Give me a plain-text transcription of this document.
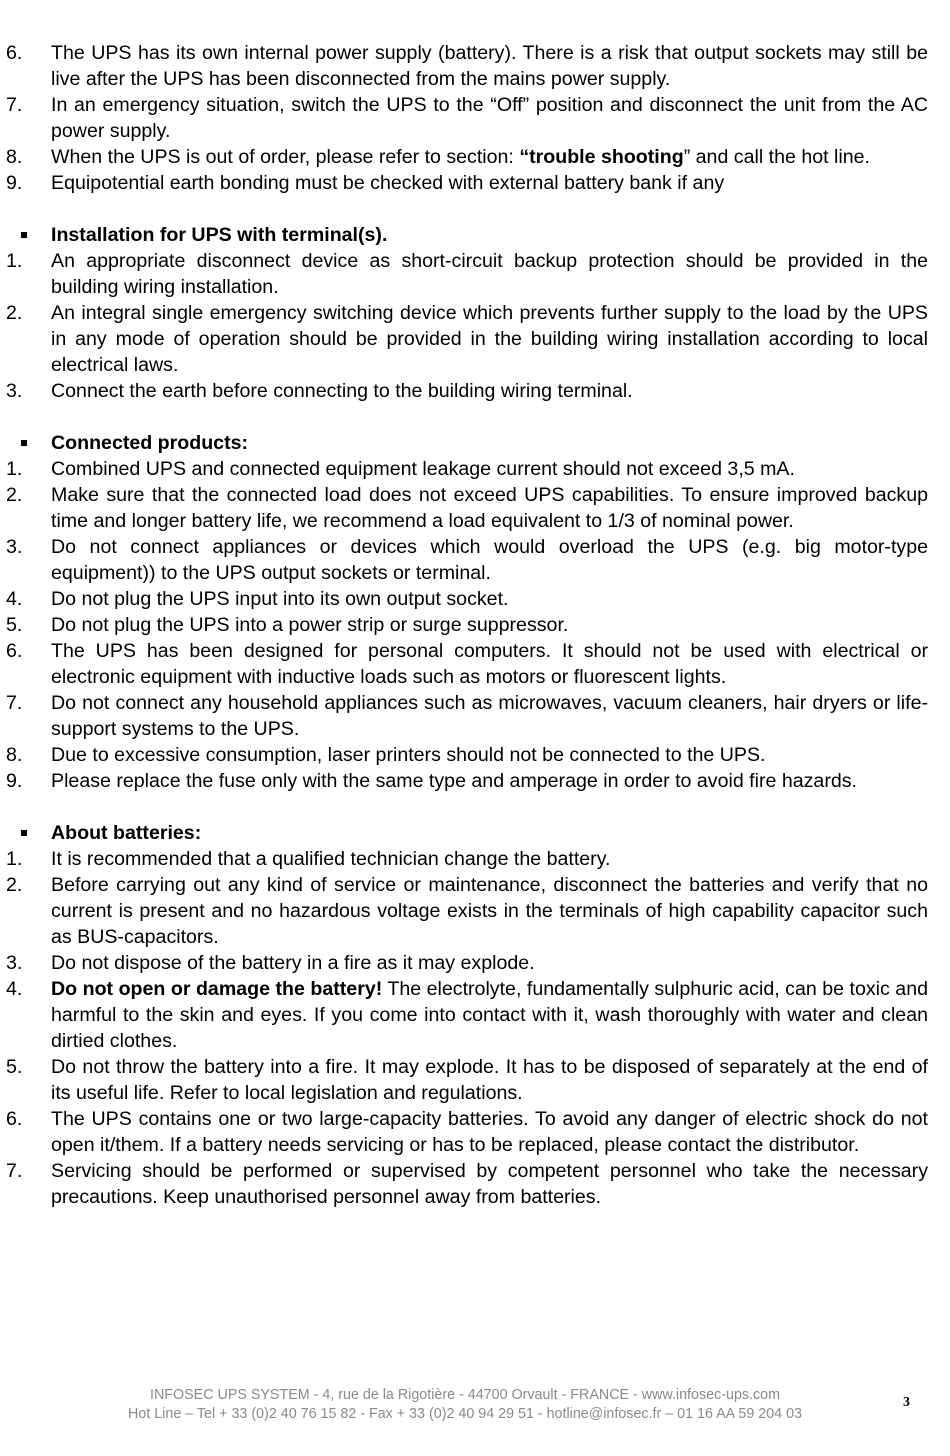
6. The UPS has its own internal power supply (battery). There is a risk that output sockets may still be live after the UPS has been disconnected from the mains power supply.
7. In an emergency situation, switch the UPS to the “Off” position and disconnect the unit from the AC power supply.
8. When the UPS is out of order, please refer to section: “trouble shooting” and call the hot line.
9. Equipotential earth bonding must be checked with external battery bank if any
Installation for UPS with terminal(s).
1. An appropriate disconnect device as short-circuit backup protection should be provided in the building wiring installation.
2. An integral single emergency switching device which prevents further supply to the load by the UPS in any mode of operation should be provided in the building wiring installation according to local electrical laws.
3. Connect the earth before connecting to the building wiring terminal.
Connected products:
1. Combined UPS and connected equipment leakage current should not exceed 3,5 mA.
2. Make sure that the connected load does not exceed UPS capabilities. To ensure improved backup time and longer battery life, we recommend a load equivalent to 1/3 of nominal power.
3. Do not connect appliances or devices which would overload the UPS (e.g. big motor-type equipment)) to the UPS output sockets or terminal.
4. Do not plug the UPS input into its own output socket.
5. Do not plug the UPS into a power strip or surge suppressor.
6. The UPS has been designed for personal computers. It should not be used with electrical or electronic equipment with inductive loads such as motors or fluorescent lights.
7. Do not connect any household appliances such as microwaves, vacuum cleaners, hair dryers or life-support systems to the UPS.
8. Due to excessive consumption, laser printers should not be connected to the UPS.
9. Please replace the fuse only with the same type and amperage in order to avoid fire hazards.
About batteries:
1. It is recommended that a qualified technician change the battery.
2. Before carrying out any kind of service or maintenance, disconnect the batteries and verify that no current is present and no hazardous voltage exists in the terminals of high capability capacitor such as BUS-capacitors.
3. Do not dispose of the battery in a fire as it may explode.
4. Do not open or damage the battery! The electrolyte, fundamentally sulphuric acid, can be toxic and harmful to the skin and eyes. If you come into contact with it, wash thoroughly with water and clean dirtied clothes.
5. Do not throw the battery into a fire. It may explode. It has to be disposed of separately at the end of its useful life. Refer to local legislation and regulations.
6. The UPS contains one or two large-capacity batteries. To avoid any danger of electric shock do not open it/them. If a battery needs servicing or has to be replaced, please contact the distributor.
7. Servicing should be performed or supervised by competent personnel who take the necessary precautions. Keep unauthorised personnel away from batteries.
INFOSEC UPS SYSTEM - 4, rue de la Rigotière - 44700 Orvault - FRANCE - www.infosec-ups.com
Hot Line – Tel + 33 (0)2 40 76 15 82 - Fax + 33 (0)2 40 94 29 51 - hotline@infosec.fr – 01 16 AA 59 204 03
3
